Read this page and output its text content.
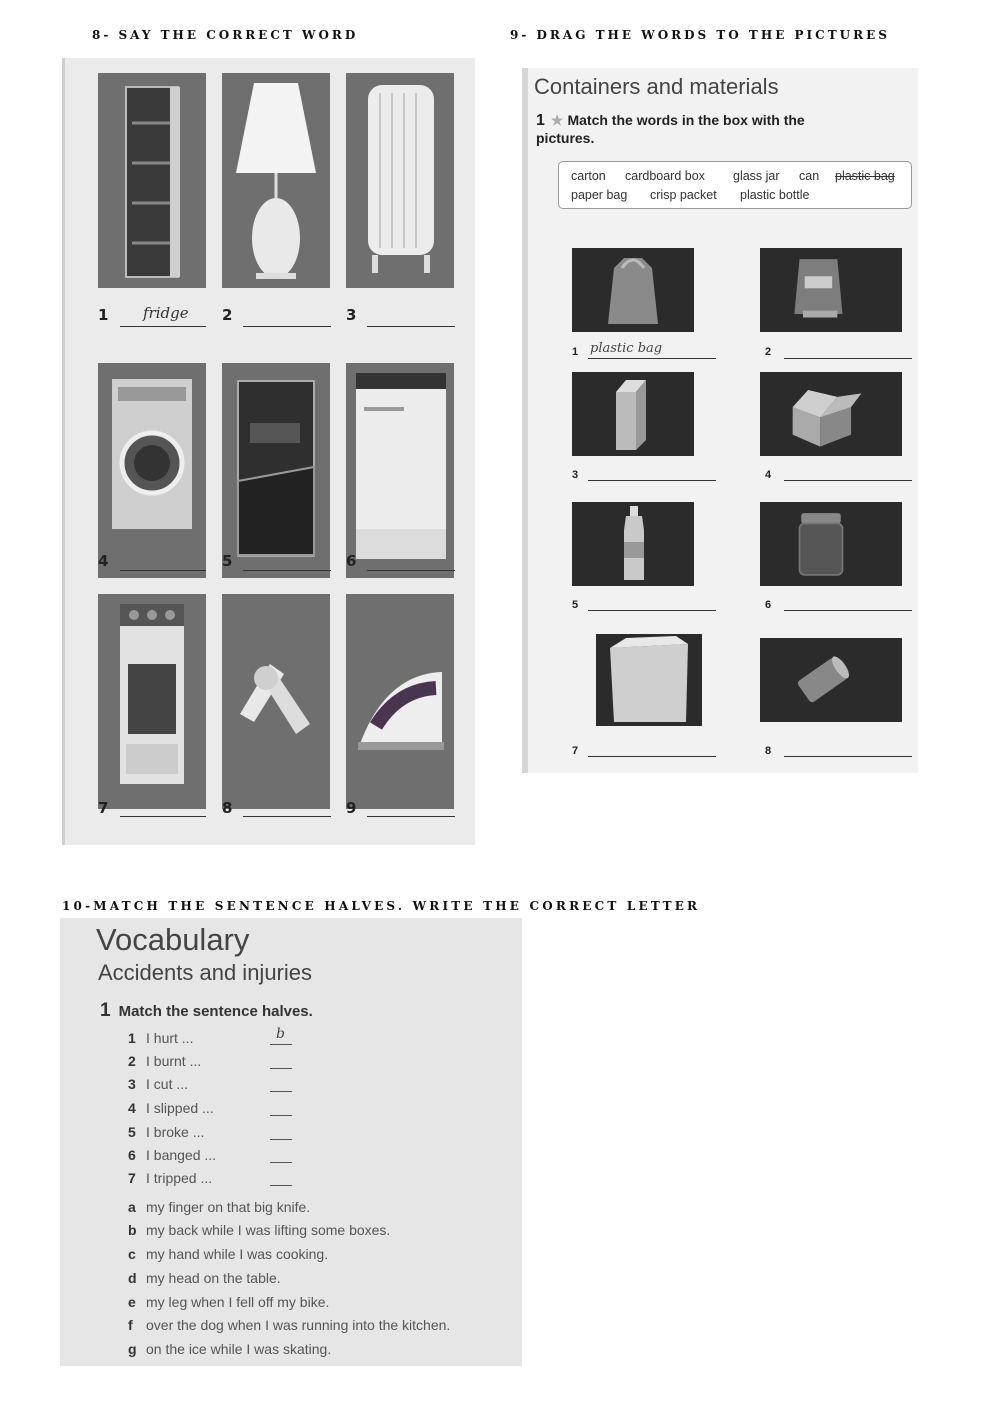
8- SAY THE CORRECT WORD	9- DRAG THE WORDS TO THE PICTURES
10-MATCH THE SENTENCE HALVES. WRITE THE CORRECT LETTER
1 fridge 2	3
4	5	6
7	8	9
Containers and materials
1 ★ Match the words in the box with the pictures.
carton cardboard box glass jar can plastic bag
paper bag crisp packet plastic bottle
1 plastic bag	2
3	4
5	6
7	8
Vocabulary
Accidents and injuries
1 Match the sentence halves.
1 I hurt ...	b
2 I burnt ...
3 I cut ...
4 I slipped ...
5 I broke ...
6 I banged ...
7 I tripped ...
a my finger on that big knife.
b my back while I was lifting some boxes.
c my hand while I was cooking.
d my head on the table.
e my leg when I fell off my bike.
f over the dog when I was running into the kitchen.
g on the ice while I was skating.
